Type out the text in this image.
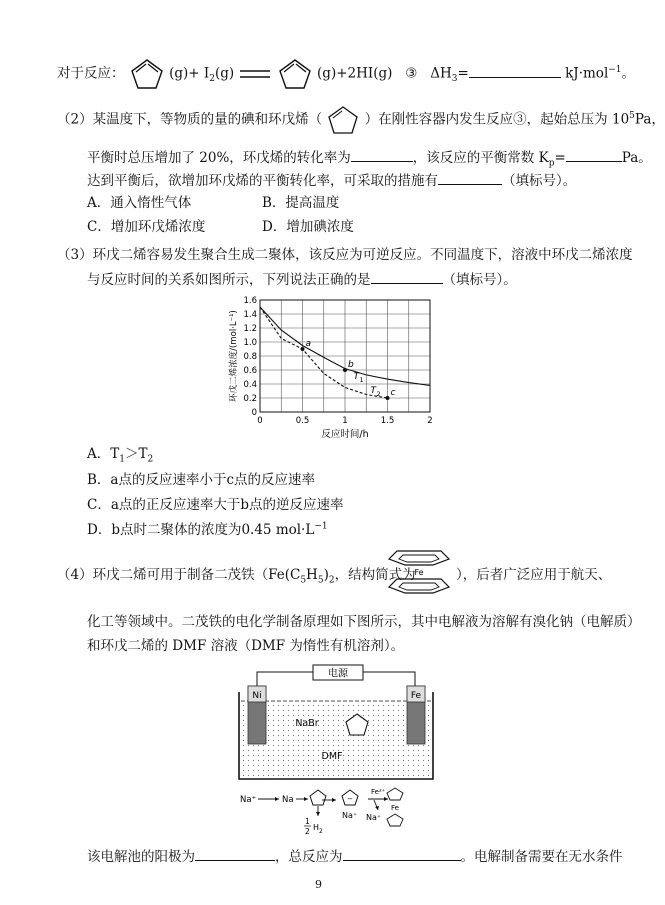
对于反应：	$(g)+ I_2(g)$	(g)+2HI(g) ③ $\Delta H_3=$	kJ·mol$^{-1}$。
（2）某温度下，等物质的量的碘和环戊烯（	）在刚性容器内发生反应③，起始总压为 $10^5Pa$，
平衡时总压增加了 20%，环戊烯的转化率为	，该反应的平衡常数 $K_p=$	Pa。
达到平衡后，欲增加环戊烯的平衡转化率，可采取的措施有	（填标号）。
A．通入惰性气体	B．提高温度
C．增加环戊烯浓度	D．增加碘浓度
（3）环戊二烯容易发生聚合生成二聚体，该反应为可逆反应。不同温度下，溶液中环戊二烯浓度
与反应时间的关系如图所示，下列说法正确的是	（填标号）。
0
0.2
0.4
0.6
0.8
1.0
1.2
1.4
1.6
0	0.5	1	1.5	2
反应时间/h
环戊二烯浓度/(mol·L⁻¹)	a
b
c
T 1
T 2
A．$T_1>T_2$
B．a点的反应速率小于c点的反应速率
C．a点的正反应速率大于b点的逆反应速率
D．b点时二聚体的浓度为0.45 $mol\cdot L^{-1}$
（4）环戊二烯可用于制备二茂铁（$Fe(C_5H_5)_2$，结构简式为
Fe ），后者广泛应用于航天、
化工等领域中。二茂铁的电化学制备原理如下图所示，其中电解液为溶解有溴化钠（电解质）
和环戊二烯的 DMF 溶液（DMF 为惰性有机溶剂）。
电源
Ni	Fe
NaBr
DMF
Na⁺	Na
1
2 H 2
−
Na⁺
Fe²⁺
Na⁺
Fe
该电解池的阳极为	，总反应为	。电解制备需要在无水条件
9
